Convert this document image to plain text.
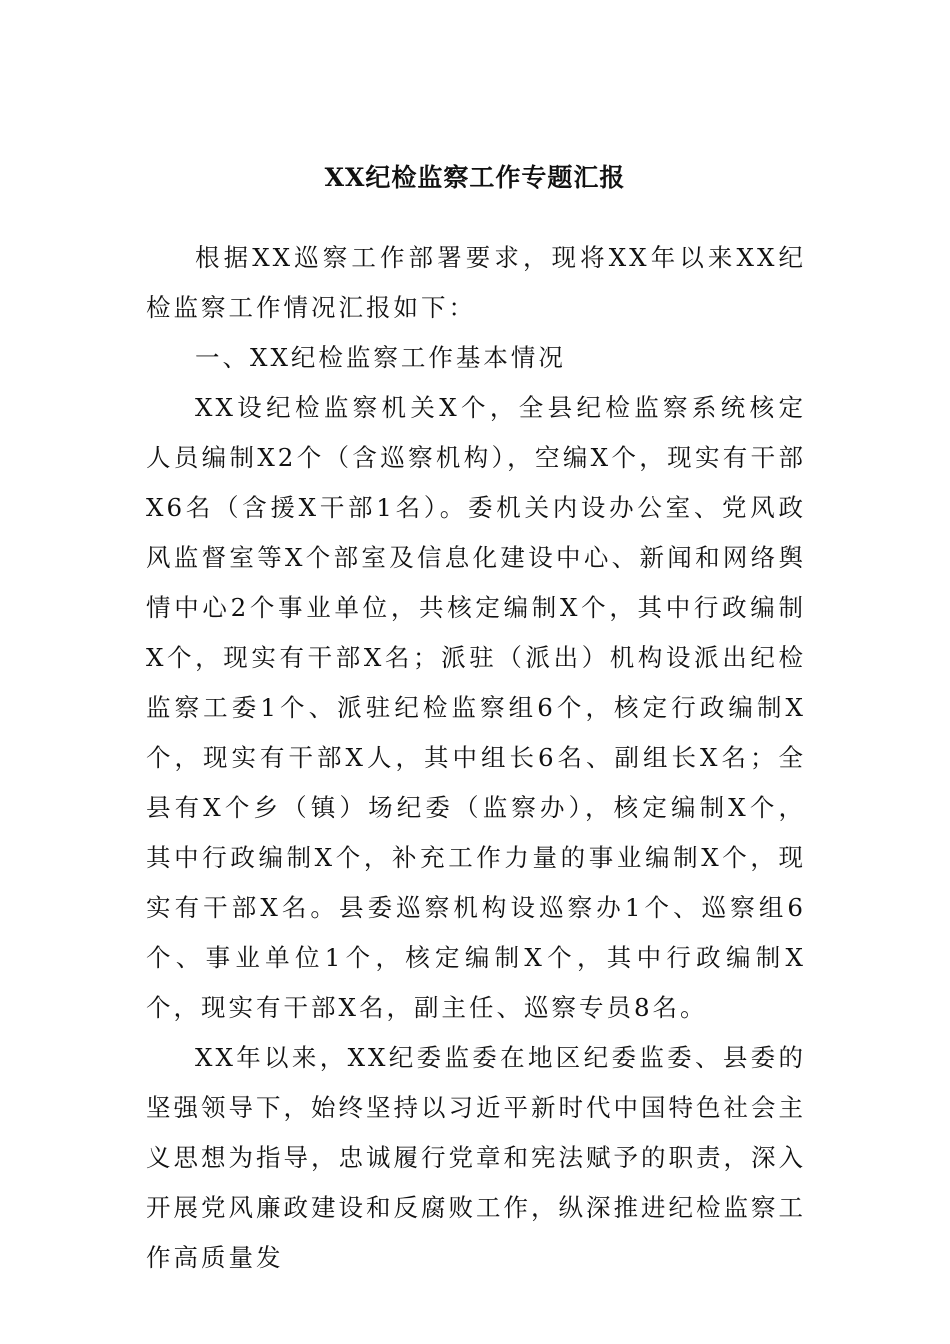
XX纪检监察工作专题汇报

根据XX巡察工作部署要求，现将XX年以来XX纪检监察工作情况汇报如下：

一、XX纪检监察工作基本情况

XX设纪检监察机关X个，全县纪检监察系统核定人员编制X2个（含巡察机构），空编X个，现实有干部X6名（含援X干部1名）。委机关内设办公室、党风政风监督室等X个部室及信息化建设中心、新闻和网络舆情中心2个事业单位，共核定编制X个，其中行政编制X个，现实有干部X名；派驻（派出）机构设派出纪检监察工委1个、派驻纪检监察组6个，核定行政编制X个，现实有干部X人，其中组长6名、副组长X名；全县有X个乡（镇）场纪委（监察办），核定编制X个，其中行政编制X个，补充工作力量的事业编制X个，现实有干部X名。县委巡察机构设巡察办1个、巡察组6个、事业单位1个，核定编制X个，其中行政编制X个，现实有干部X名，副主任、巡察专员8名。

XX年以来，XX纪委监委在地区纪委监委、县委的坚强领导下，始终坚持以习近平新时代中国特色社会主义思想为指导，忠诚履行党章和宪法赋予的职责，深入开展党风廉政建设和反腐败工作，纵深推进纪检监察工作高质量发
